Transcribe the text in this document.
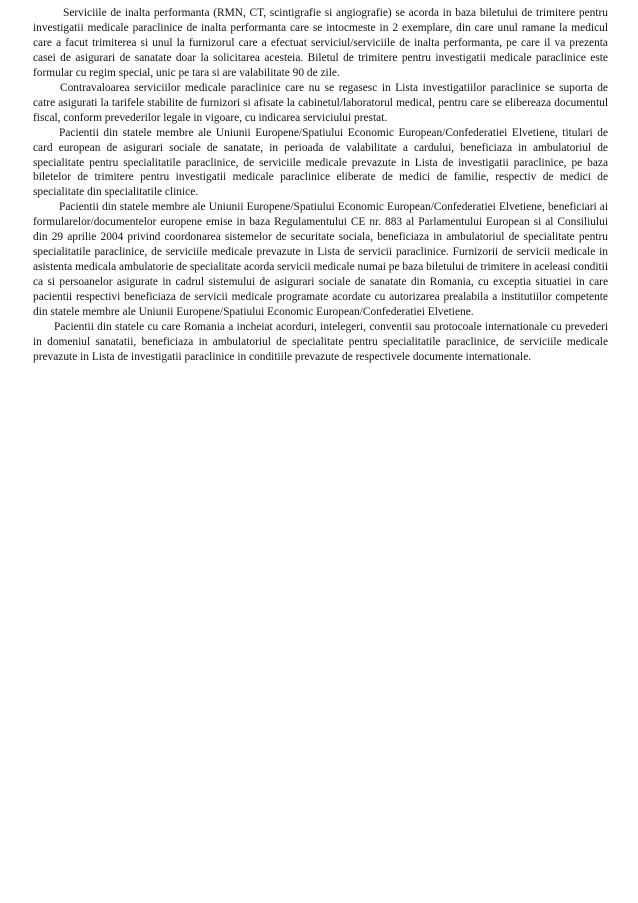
Serviciile de inalta performanta (RMN, CT, scintigrafie si angiografie) se acorda in baza biletului de trimitere pentru investigatii medicale paraclinice de inalta performanta care se intocmeste in 2 exemplare, din care unul ramane la medicul care a facut trimiterea si unul la furnizorul care a efectuat serviciul/serviciile de inalta performanta, pe care il va prezenta casei de asigurari de sanatate doar la solicitarea acesteia. Biletul de trimitere pentru investigatii medicale paraclinice este formular cu regim special, unic pe tara si are valabilitate 90 de zile.

Contravaloarea serviciilor medicale paraclinice care nu se regasesc in Lista investigatiilor paraclinice se suporta de catre asigurati la tarifele stabilite de furnizori si afisate la cabinetul/laboratorul medical, pentru care se elibereaza documentul fiscal, conform prevederilor legale in vigoare, cu indicarea serviciului prestat.

Pacientii din statele membre ale Uniunii Europene/Spatiului Economic European/Confederatiei Elvetiene, titulari de card european de asigurari sociale de sanatate, in perioada de valabilitate a cardului, beneficiaza in ambulatoriul de specialitate pentru specialitatile paraclinice, de serviciile medicale prevazute in Lista de investigatii paraclinice, pe baza biletelor de trimitere pentru investigatii medicale paraclinice eliberate de medici de familie, respectiv de medici de specialitate din specialitatile clinice.

Pacientii din statele membre ale Uniunii Europene/Spatiului Economic European/Confederatiei Elvetiene, beneficiari ai formularelor/documentelor europene emise in baza Regulamentului CE nr. 883 al Parlamentului European si al Consiliului din 29 aprilie 2004 privind coordonarea sistemelor de securitate sociala, beneficiaza in ambulatoriul de specialitate pentru specialitatile paraclinice, de serviciile medicale prevazute in Lista de servicii paraclinice. Furnizorii de servicii medicale in asistenta medicala ambulatorie de specialitate acorda servicii medicale numai pe baza biletului de trimitere in aceleasi conditii ca si persoanelor asigurate in cadrul sistemului de asigurari sociale de sanatate din Romania, cu exceptia situatiei in care pacientii respectivi beneficiaza de servicii medicale programate acordate cu autorizarea prealabila a institutiilor competente din statele membre ale Uniunii Europene/Spatiului Economic European/Confederatiei Elvetiene.

Pacientii din statele cu care Romania a incheiat acorduri, intelegeri, conventii sau protocoale internationale cu prevederi in domeniul sanatatii, beneficiaza in ambulatoriul de specialitate pentru specialitatile paraclinice, de serviciile medicale prevazute in Lista de investigatii paraclinice in conditiile prevazute de respectivele documente internationale.
